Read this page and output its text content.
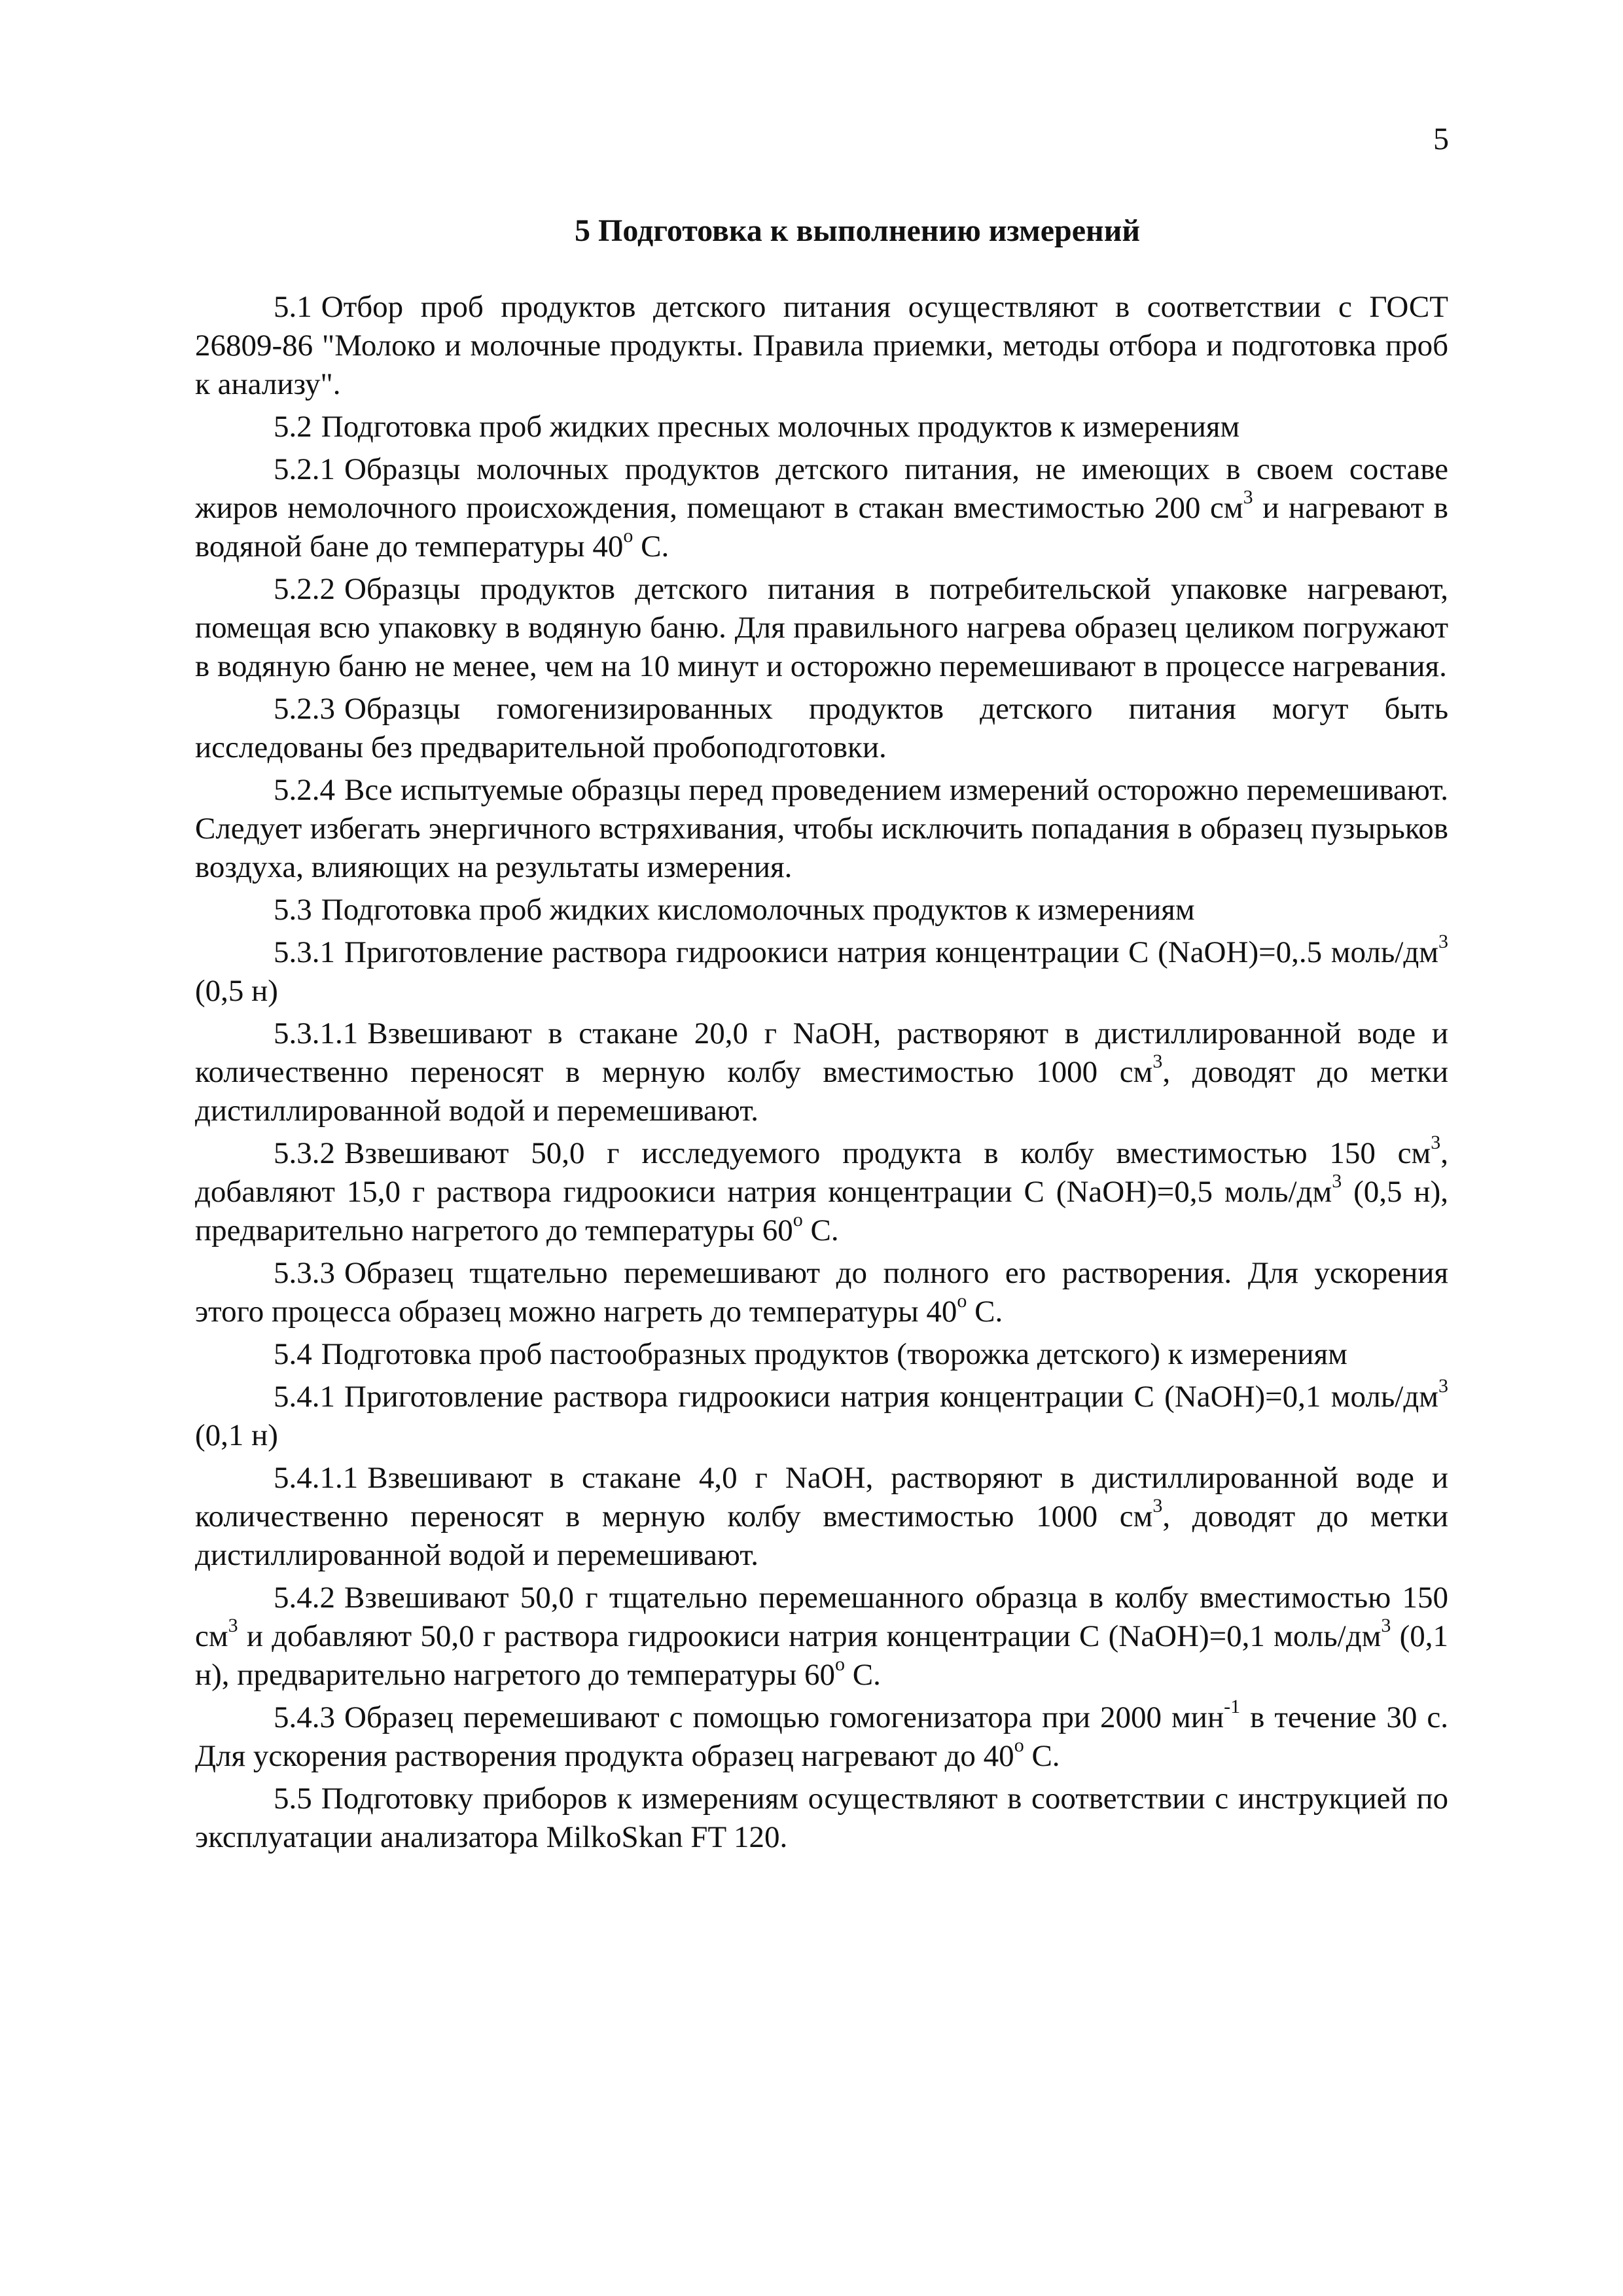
5
5 Подготовка к выполнению измерений

5.1 Отбор проб продуктов детского питания осуществляют в соответствии с ГОСТ 26809-86 "Молоко и молочные продукты. Правила приемки, методы отбора и подготовка проб к анализу".

5.2 Подготовка проб жидких пресных молочных продуктов к измерениям

5.2.1 Образцы молочных продуктов детского питания, не имеющих в своем составе жиров немолочного происхождения, помещают в стакан вместимостью 200 $см^3$ и нагревают в водяной бане до температуры 40$^o$ С.

5.2.2 Образцы продуктов детского питания в потребительской упаковке нагревают, помещая всю упаковку в водяную баню. Для правильного нагрева образец целиком погружают в водяную баню не менее, чем на 10 минут и осторожно перемешивают в процессе нагревания.

5.2.3 Образцы гомогенизированных продуктов детского питания могут быть исследованы без предварительной пробоподготовки.

5.2.4 Все испытуемые образцы перед проведением измерений осторожно перемешивают. Следует избегать энергичного встряхивания, чтобы исключить попадания в образец пузырьков воздуха, влияющих на результаты измерения.

5.3 Подготовка проб жидких кисломолочных продуктов к измерениям

5.3.1 Приготовление раствора гидроокиси натрия концентрации С (NaOH)=0,.5 моль/$дм^3$ (0,5 н)

5.3.1.1 Взвешивают в стакане 20,0 г NaOH, растворяют в дистиллированной воде и количественно переносят в мерную колбу вместимостью 1000 $см^3$, доводят до метки дистиллированной водой и перемешивают.

5.3.2 Взвешивают 50,0 г исследуемого продукта в колбу вместимостью 150 $см^3$, добавляют 15,0 г раствора гидроокиси натрия концентрации С (NaOH)=0,5 моль/$дм^3$ (0,5 н), предварительно нагретого до температуры 60$^o$ С.

5.3.3 Образец тщательно перемешивают до полного его растворения. Для ускорения этого процесса образец можно нагреть до температуры 40$^o$ С.

5.4 Подготовка проб пастообразных продуктов (творожка детского) к измерениям

5.4.1 Приготовление раствора гидроокиси натрия концентрации С (NaOH)=0,1 моль/$дм^3$ (0,1 н)

5.4.1.1 Взвешивают в стакане 4,0 г NaOH, растворяют в дистиллированной воде и количественно переносят в мерную колбу вместимостью 1000 $см^3$, доводят до метки дистиллированной водой и перемешивают.

5.4.2 Взвешивают 50,0 г тщательно перемешанного образца в колбу вместимостью 150 $см^3$ и добавляют 50,0 г раствора гидроокиси натрия концентрации С (NaOH)=0,1 моль/$дм^3$ (0,1 н), предварительно нагретого до температуры 60$^o$ С.

5.4.3 Образец перемешивают с помощью гомогенизатора при 2000 мин$^{-1}$ в течение 30 с. Для ускорения растворения продукта образец нагревают до 40$^o$ С.

5.5 Подготовку приборов к измерениям осуществляют в соответствии с инструкцией по эксплуатации анализатора MilkoSkan FT 120.
